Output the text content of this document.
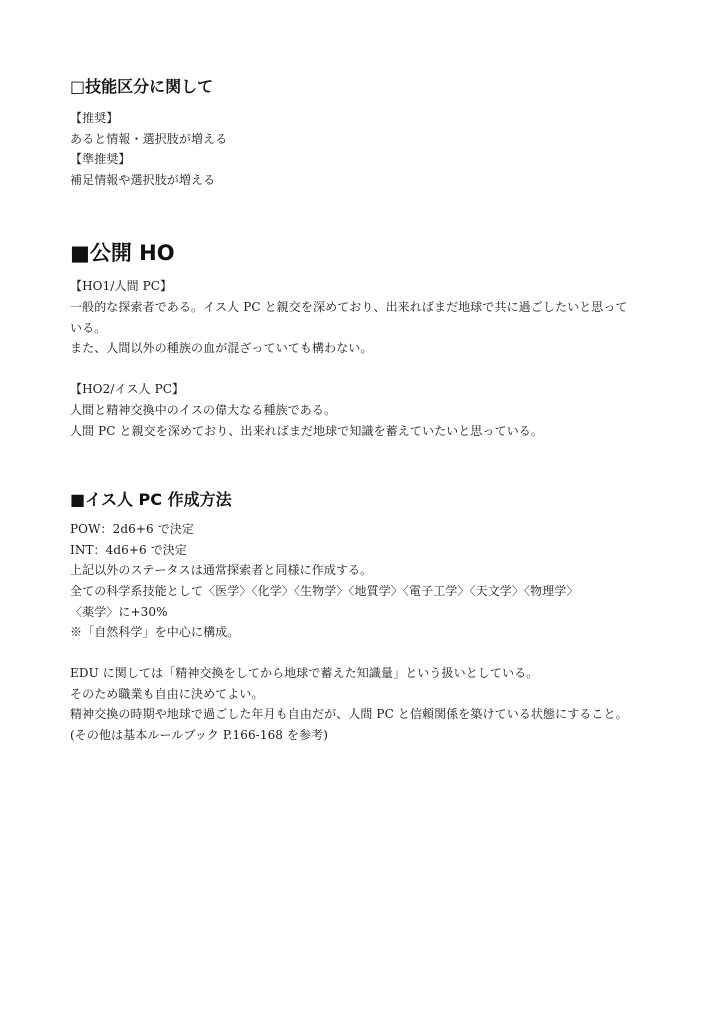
□技能区分に関して

【推奨】

あると情報・選択肢が増える

【準推奨】

補足情報や選択肢が増える

■公開 HO

【HO1/人間 PC】

一般的な探索者である。イス人 PC と親交を深めており、出来ればまだ地球で共に過ごしたいと思って

いる。

また、人間以外の種族の血が混ざっていても構わない。

【HO2/イス人 PC】

人間と精神交換中のイスの偉大なる種族である。

人間 PC と親交を深めており、出来ればまだ地球で知識を蓄えていたいと思っている。

■イス人 PC 作成方法

POW：2d6+6 で決定

INT：4d6+6 で決定

上記以外のステータスは通常探索者と同様に作成する。

全ての科学系技能として〈医学〉〈化学〉〈生物学〉〈地質学〉〈電子工学〉〈天文学〉〈物理学〉

〈薬学〉に+30%

※「自然科学」を中心に構成。

EDU に関しては「精神交換をしてから地球で蓄えた知識量」という扱いとしている。

そのため職業も自由に決めてよい。

精神交換の時期や地球で過ごした年月も自由だが、人間 PC と信頼関係を築けている状態にすること。

(その他は基本ルールブック P.166-168 を参考)
